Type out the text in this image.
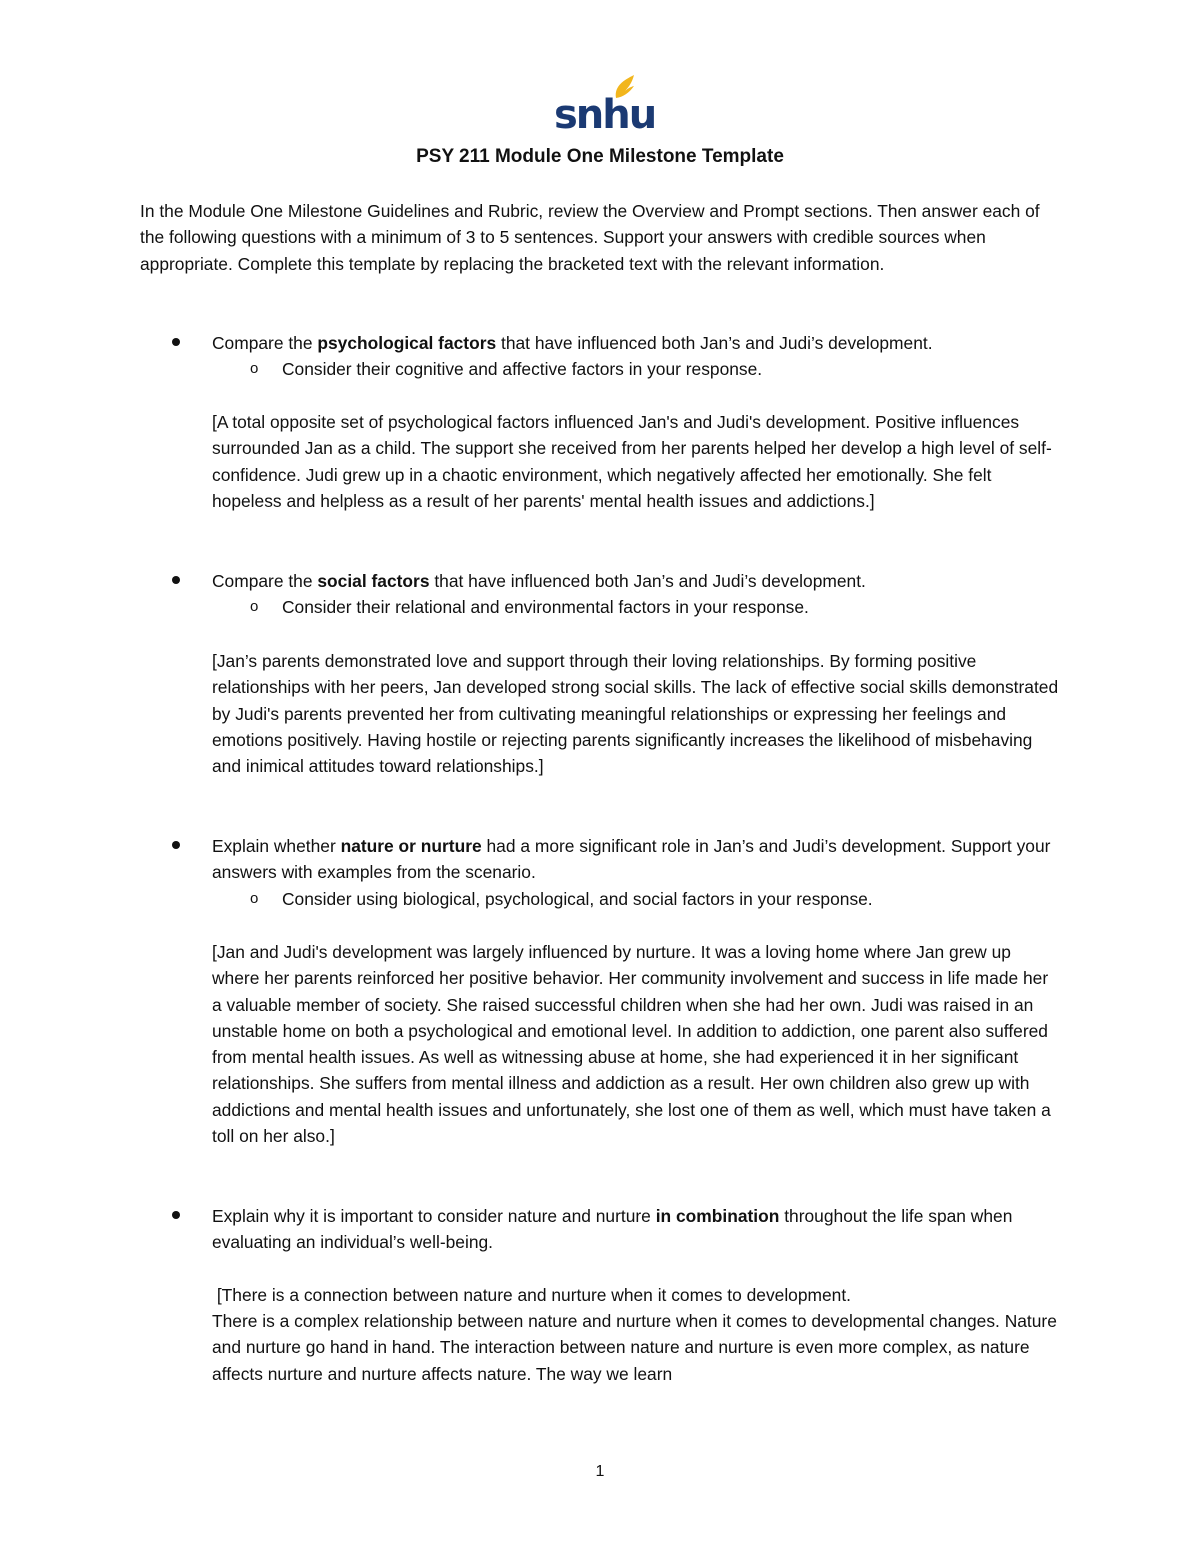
snhu
PSY 211 Module One Milestone Template

In the Module One Milestone Guidelines and Rubric, review the Overview and Prompt sections. Then answer each of the following questions with a minimum of 3 to 5 sentences. Support your answers with credible sources when appropriate. Complete this template by replacing the bracketed text with the relevant information.

Compare the psychological factors that have influenced both Jan’s and Judi’s development.

o Consider their cognitive and affective factors in your response.

[A total opposite set of psychological factors influenced Jan's and Judi's development. Positive influences surrounded Jan as a child. The support she received from her parents helped her develop a high level of self-confidence. Judi grew up in a chaotic environment, which negatively affected her emotionally. She felt hopeless and helpless as a result of her parents' mental health issues and addictions.]

Compare the social factors that have influenced both Jan’s and Judi’s development.

o Consider their relational and environmental factors in your response.

[Jan’s parents demonstrated love and support through their loving relationships. By forming positive relationships with her peers, Jan developed strong social skills. The lack of effective social skills demonstrated by Judi's parents prevented her from cultivating meaningful relationships or expressing her feelings and emotions positively. Having hostile or rejecting parents significantly increases the likelihood of misbehaving and inimical attitudes toward relationships.]

Explain whether nature or nurture had a more significant role in Jan’s and Judi’s development. Support your answers with examples from the scenario.

o Consider using biological, psychological, and social factors in your response.

[Jan and Judi's development was largely influenced by nurture. It was a loving home where Jan grew up where her parents reinforced her positive behavior. Her community involvement and success in life made her a valuable member of society. She raised successful children when she had her own. Judi was raised in an unstable home on both a psychological and emotional level. In addition to addiction, one parent also suffered from mental health issues. As well as witnessing abuse at home, she had experienced it in her significant relationships. She suffers from mental illness and addiction as a result. Her own children also grew up with addictions and mental health issues and unfortunately, she lost one of them as well, which must have taken a toll on her also.]

Explain why it is important to consider nature and nurture in combination throughout the life span when evaluating an individual’s well-being.

[There is a connection between nature and nurture when it comes to development.

There is a complex relationship between nature and nurture when it comes to developmental changes. Nature and nurture go hand in hand. The interaction between nature and nurture is even more complex, as nature affects nurture and nurture affects nature. The way we learn

1
